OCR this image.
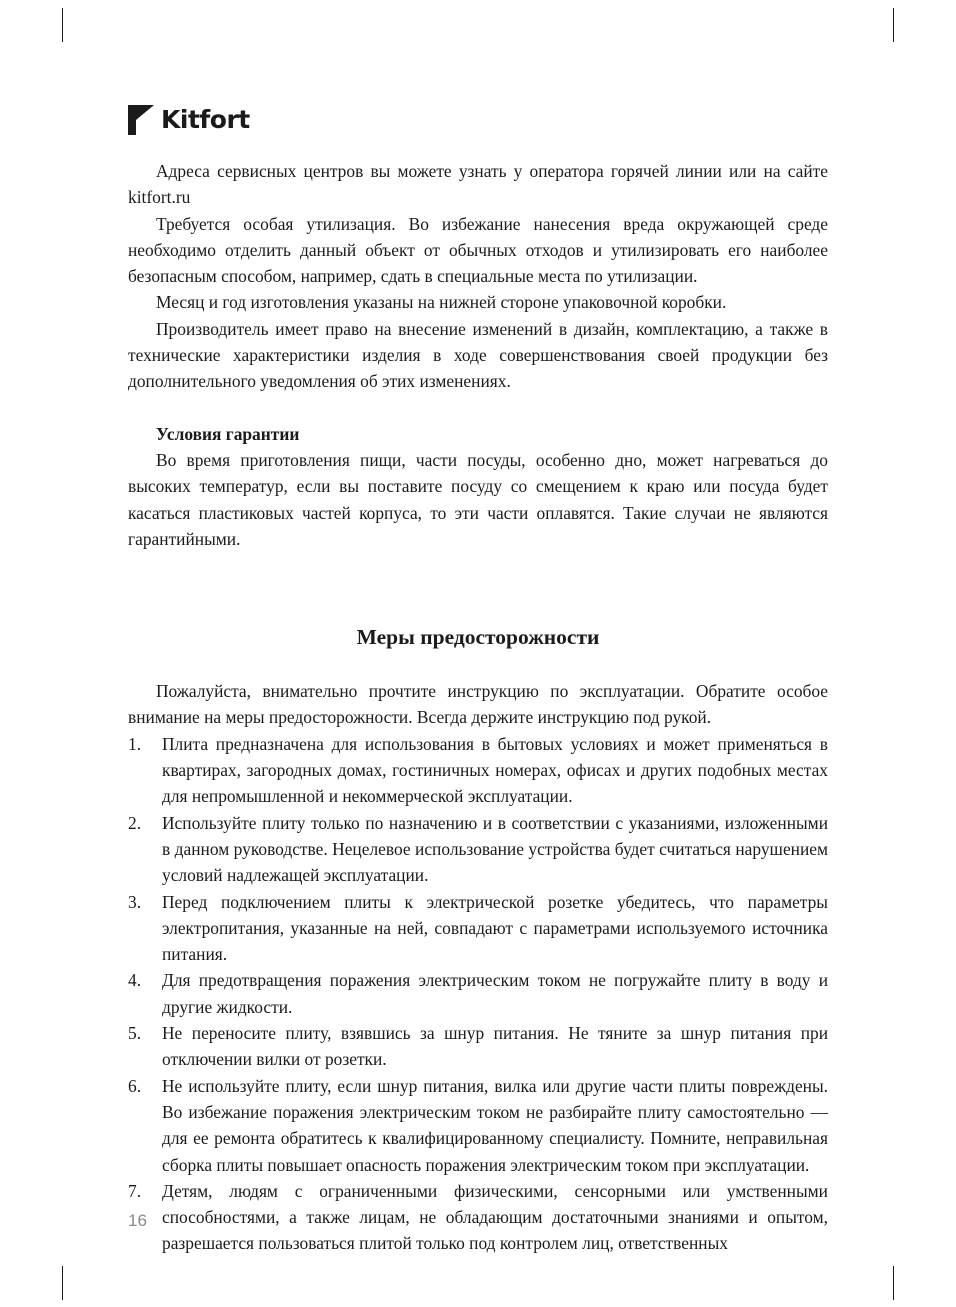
Kitfort

Адреса сервисных центров вы можете узнать у оператора горячей линии или на сайте kitfort.ru

Требуется особая утилизация. Во избежание нанесения вреда окружающей среде необходимо отделить данный объект от обычных отходов и утилизировать его наиболее безопасным способом, например, сдать в специальные места по утилизации.

Месяц и год изготовления указаны на нижней стороне упаковочной коробки.

Производитель имеет право на внесение изменений в дизайн, комплектацию, а также в технические характеристики изделия в ходе совершенствования своей продукции без дополнительного уведомления об этих изменениях.

Условия гарантии

Во время приготовления пищи, части посуды, особенно дно, может нагреваться до высоких температур, если вы поставите посуду со смещением к краю или посуда будет касаться пластиковых частей корпуса, то эти части оплавятся. Такие случаи не являются гарантийными.

Меры предосторожности

Пожалуйста, внимательно прочтите инструкцию по эксплуатации. Обратите особое внимание на меры предосторожности. Всегда держите инструкцию под рукой.

Плита предназначена для использования в бытовых условиях и может применяться в квартирах, загородных домах, гостиничных номерах, офисах и других подобных местах для непромышленной и некоммерческой эксплуатации.
Используйте плиту только по назначению и в соответствии с указаниями, изложенными в данном руководстве. Нецелевое использование устройства будет считаться нарушением условий надлежащей эксплуатации.
Перед подключением плиты к электрической розетке убедитесь, что параметры электропитания, указанные на ней, совпадают с параметрами используемого источника питания.
Для предотвращения поражения электрическим током не погружайте плиту в воду и другие жидкости.
Не переносите плиту, взявшись за шнур питания. Не тяните за шнур питания при отключении вилки от розетки.
Не используйте плиту, если шнур питания, вилка или другие части плиты повреждены. Во избежание поражения электрическим током не разбирайте плиту самостоятельно — для ее ремонта обратитесь к квалифицированному специалисту. Помните, неправильная сборка плиты повышает опасность поражения электрическим током при эксплуатации.
Детям, людям с ограниченными физическими, сенсорными или умственными способностями, а также лицам, не обладающим достаточными знаниями и опытом, разрешается пользоваться плитой только под контролем лиц, ответственных
16
